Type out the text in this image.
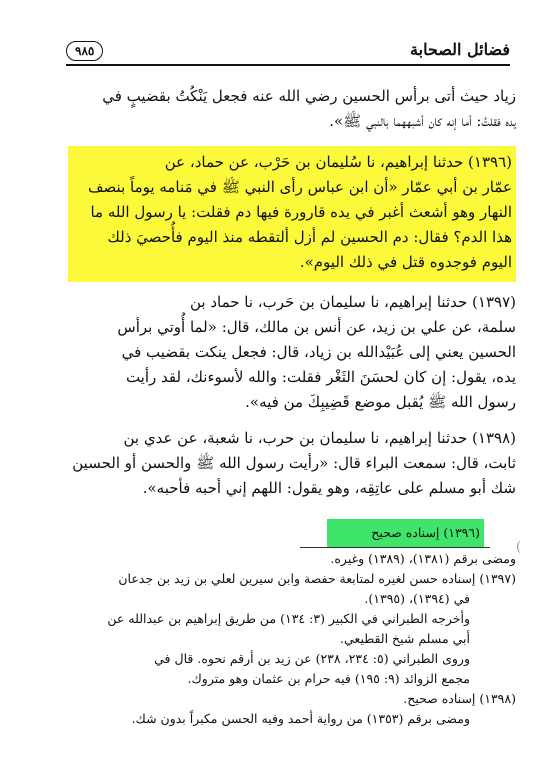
فضائل الصحابة
٩٨٥

زياد حيث أتى برأس الحسين رضي الله عنه فجعل يَنْكُتُ بقضيبٍ في

يده فقلتُ: أما إنه كان أشبههما بالنبي ﷺ».

(١٣٩٦) حدثنا إبراهيم، نا سُليمان بن حَرْب، عن حماد، عن

عمّار بن أبي عمّار «أن ابن عباس رأى النبي ﷺ في مَنامه يوماً بنصف

النهار وهو أشعث أغبر في يده قارورة فيها دم فقلت: يا رسول الله ما

هذا الدم؟ فقال: دم الحسين لم أزل ألتقطه منذ اليوم فأُحصيَ ذلك

اليوم فوجدوه قتل في ذلك اليوم».

(١٣٩٧) حدثنا إبراهيم، نا سليمان بن حَرب، نا حماد بن

سلمة، عن علي بن زيد، عن أنس بن مالك، قال: «لما أُوتي برأس

الحسين يعني إلى عُبَيْدالله بن زياد، قال: فجعل ينكت بقضيب في

يده، يقول: إن كان لحسَنَ الثَغْر فقلت: والله لأسوءنك، لقد رأيت

رسول الله ﷺ يُقبل موضع قَضِيبِكَ من فيه».

(١٣٩٨) حدثنا إبراهيم، نا سليمان بن حرب، نا شعبة، عن عدي بن

ثابت، قال: سمعت البراء قال: «رأيت رسول الله ﷺ والحسن أو الحسين

شك أبو مسلم على عاتِقِه، وهو يقول: اللهم إني أحبه فأحبه».

(١٣٩٦) إسناده صحيح

(

ومضى برقم (١٣٨١)، (١٣٨٩) وغيره.

(١٣٩٧) إسناده حسن لغيره لمتابعة حفصة وابن سيرين لعلي بن زيد بن جدعان

في (١٣٩٤)، (١٣٩٥).

وأخرجه الطبراني في الكبير (٣: ١٣٤) من طريق إبراهيم بن عبدالله عن

أبي مسلم شيخ القطيعي.

وروى الطبراني (٥: ٢٣٤، ٢٣٨) عن زيد بن أرقم نحوه. قال في

مجمع الزوائد (٩: ١٩٥) فيه حرام بن عثمان وهو متروك.

(١٣٩٨) إسناده صحيح.

ومضى برقم (١٣٥٣) من رواية أحمد وفيه الحسن مكبراً بدون شك.
